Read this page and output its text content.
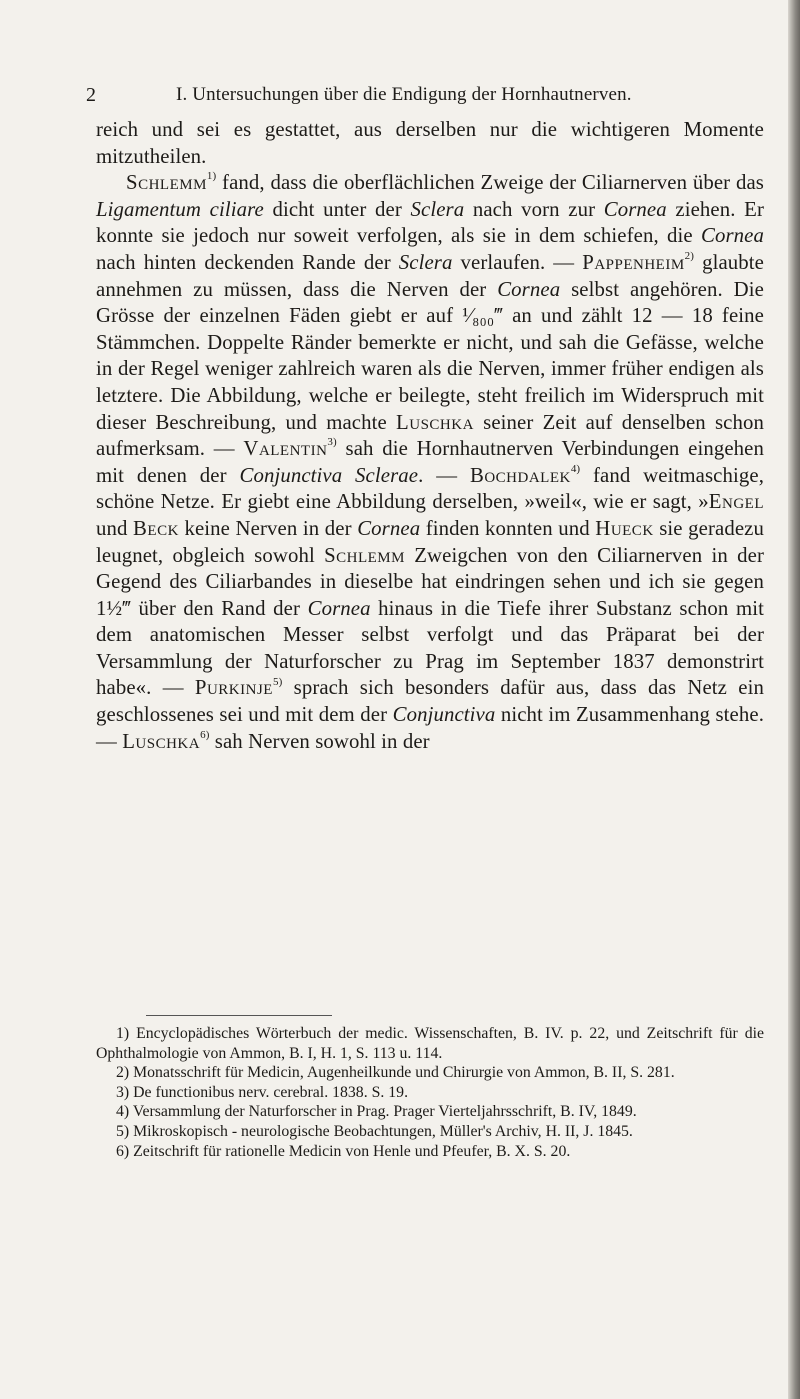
2	I. Untersuchungen über die Endigung der Hornhautnerven.

reich und sei es gestattet, aus derselben nur die wichtigeren Momente mitzutheilen.

Schlemm$^{1)}$ fand, dass die oberflächlichen Zweige der Ciliarnerven über das Ligamentum ciliare dicht unter der Sclera nach vorn zur Cornea ziehen. Er konnte sie jedoch nur soweit verfolgen, als sie in dem schiefen, die Cornea nach hinten deckenden Rande der Sclera verlaufen. — Pappenheim$^{2)}$ glaubte annehmen zu müssen, dass die Nerven der Cornea selbst angehören. Die Grösse der einzelnen Fäden giebt er auf ¹⁄₈₀₀‴ an und zählt 12 — 18 feine Stämmchen. Doppelte Ränder bemerkte er nicht, und sah die Gefässe, welche in der Regel weniger zahlreich waren als die Nerven, immer früher endigen als letztere. Die Abbildung, welche er beilegte, steht freilich im Widerspruch mit dieser Beschreibung, und machte Luschka seiner Zeit auf denselben schon aufmerksam. — Valentin$^{3)}$ sah die Hornhautnerven Verbindungen eingehen mit denen der Conjunctiva Sclerae. — Bochdalek$^{4)}$ fand weitmaschige, schöne Netze. Er giebt eine Abbildung derselben, »weil«, wie er sagt, »Engel und Beck keine Nerven in der Cornea finden konnten und Hueck sie geradezu leugnet, obgleich sowohl Schlemm Zweigchen von den Ciliarnerven in der Gegend des Ciliarbandes in dieselbe hat eindringen sehen und ich sie gegen 1½‴ über den Rand der Cornea hinaus in die Tiefe ihrer Substanz schon mit dem anatomischen Messer selbst verfolgt und das Präparat bei der Versammlung der Naturforscher zu Prag im September 1837 demonstrirt habe«. — Purkinje$^{5)}$ sprach sich besonders dafür aus, dass das Netz ein geschlossenes sei und mit dem der Conjunctiva nicht im Zusammenhang stehe. — Luschka$^{6)}$ sah Nerven sowohl in der

1) Encyclopädisches Wörterbuch der medic. Wissenschaften, B. IV. p. 22, und Zeitschrift für die Ophthalmologie von Ammon, B. I, H. 1, S. 113 u. 114.

2) Monatsschrift für Medicin, Augenheilkunde und Chirurgie von Ammon, B. II, S. 281.

3) De functionibus nerv. cerebral. 1838. S. 19.

4) Versammlung der Naturforscher in Prag. Prager Vierteljahrsschrift, B. IV, 1849.

5) Mikroskopisch - neurologische Beobachtungen, Müller's Archiv, H. II, J. 1845.

6) Zeitschrift für rationelle Medicin von Henle und Pfeufer, B. X. S. 20.
